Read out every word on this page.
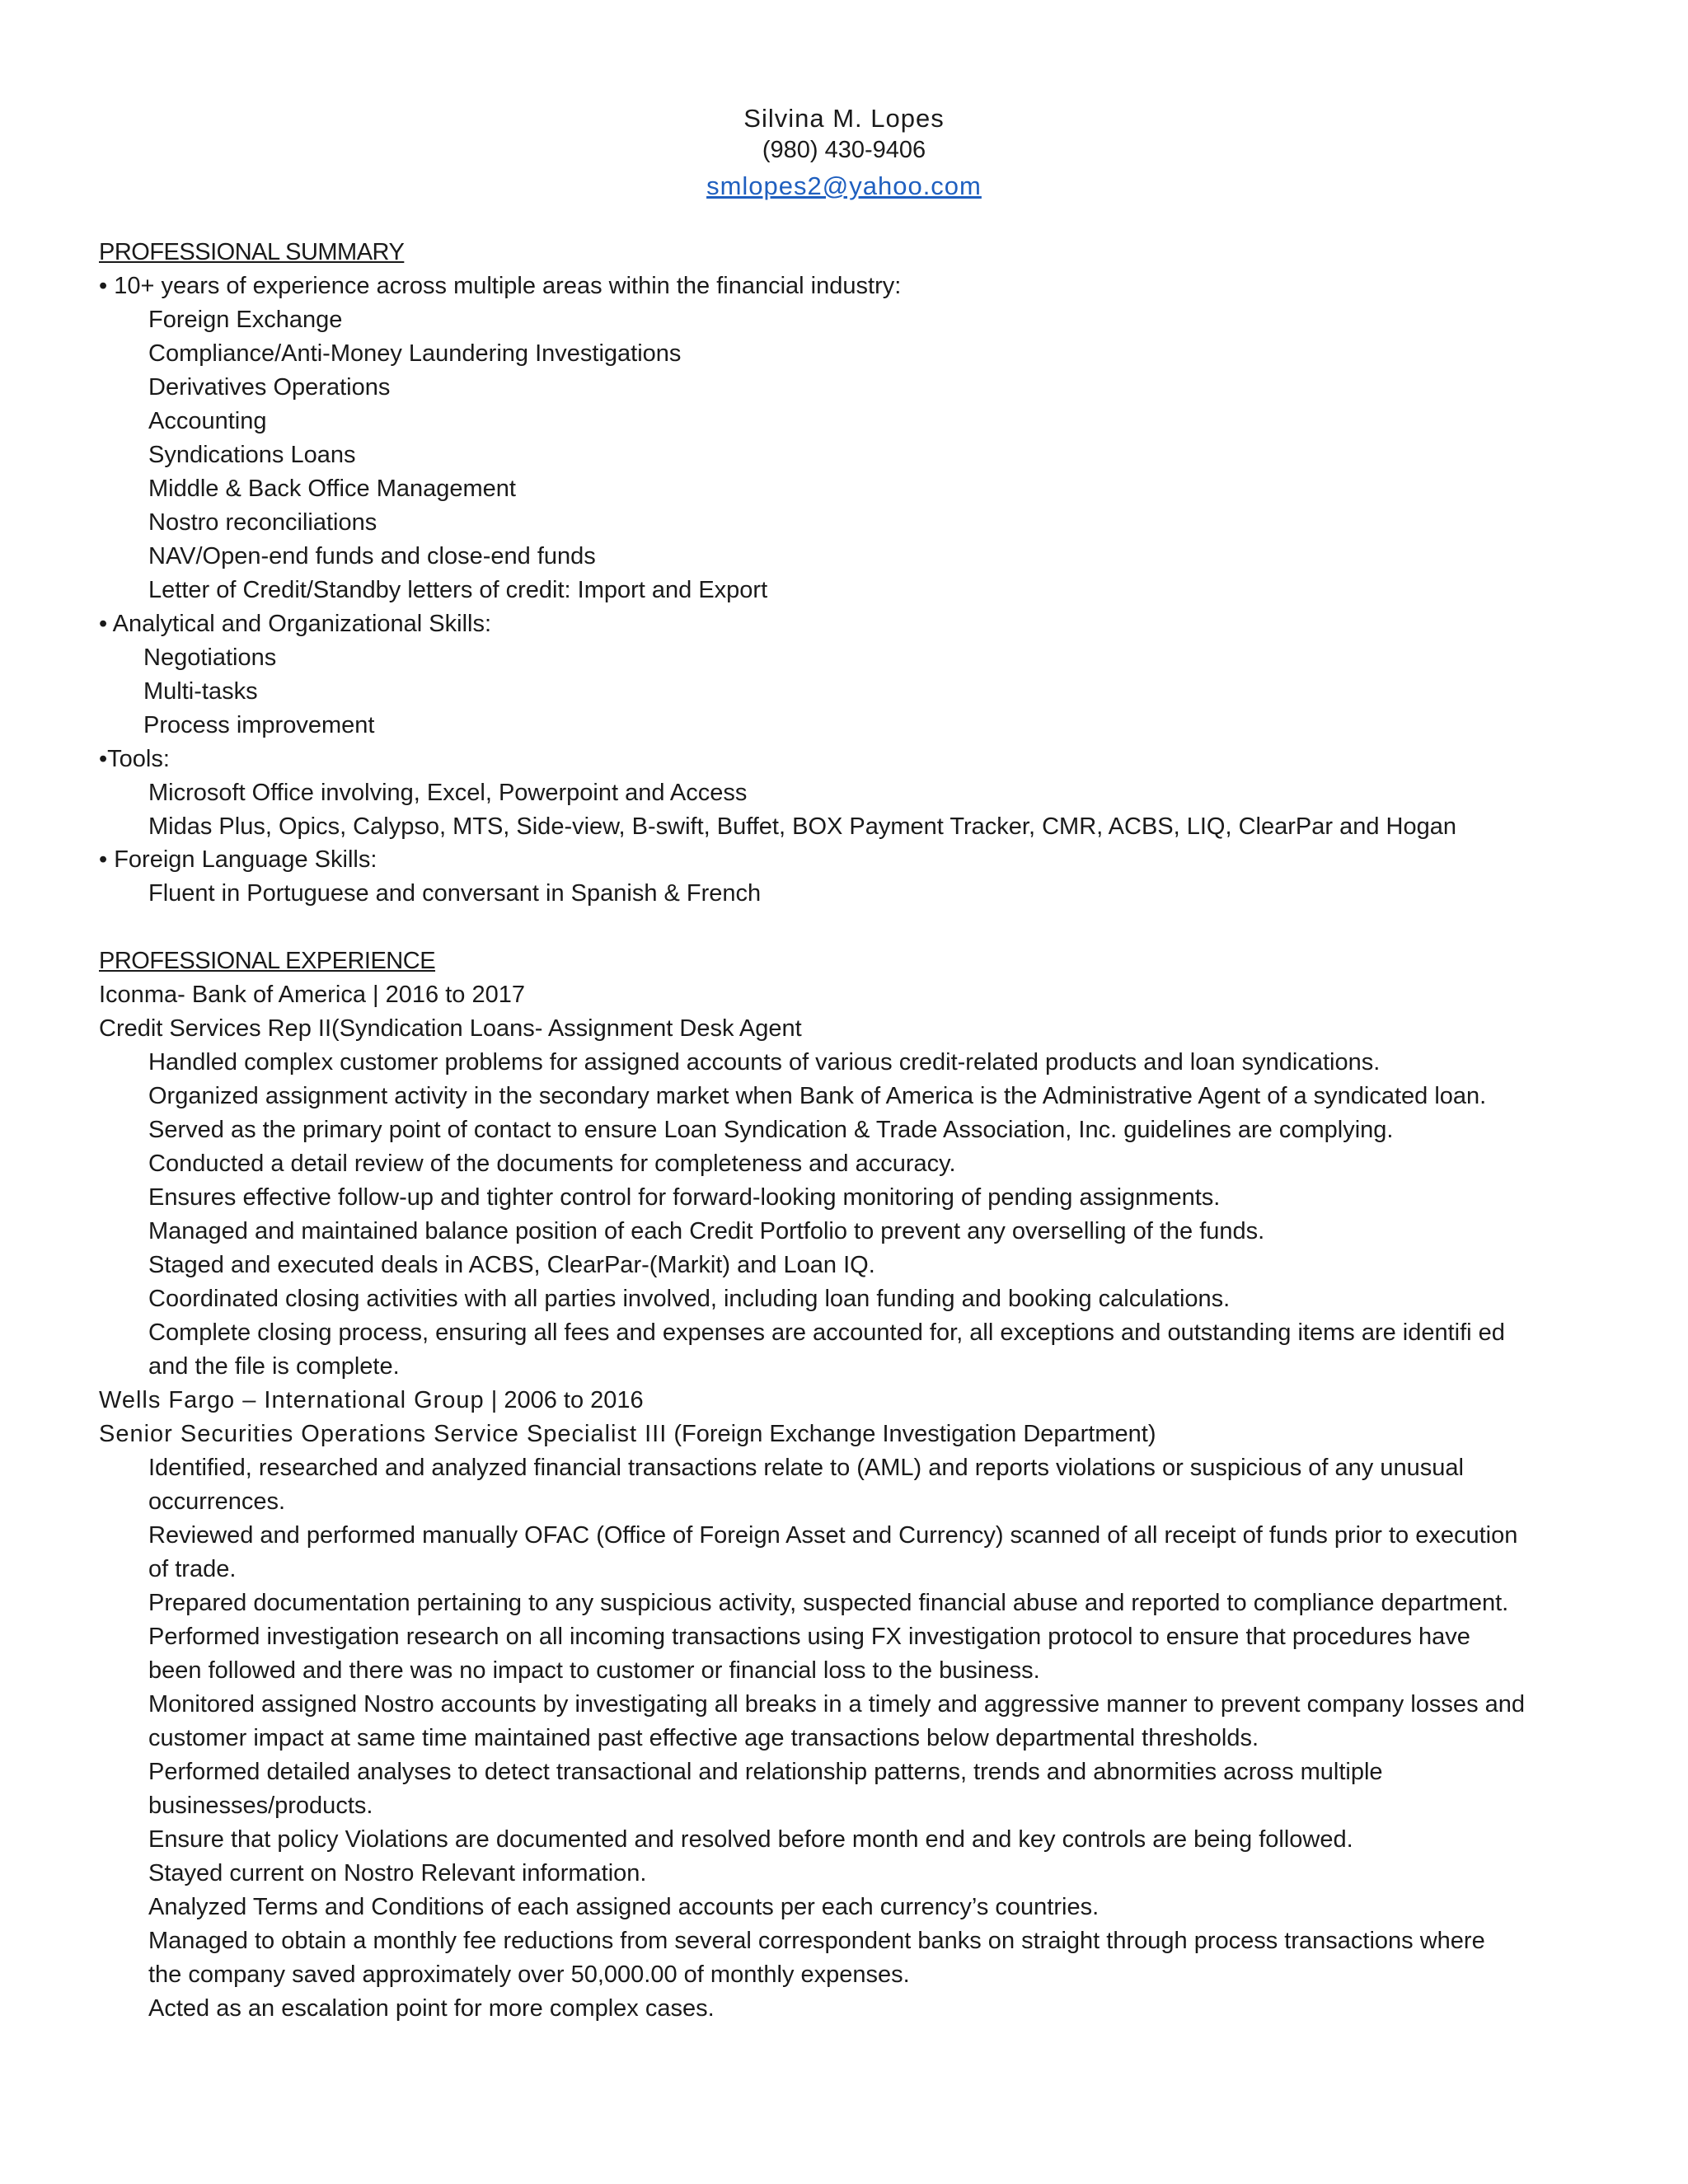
Silvina M. Lopes
(980) 430-9406
smlopes2@yahoo.com
PROFESSIONAL SUMMARY
• 10+ years of experience across multiple areas within the financial industry:
Foreign Exchange
Compliance/Anti-Money Laundering Investigations
Derivatives Operations
Accounting
Syndications Loans
Middle & Back Office Management
Nostro reconciliations
NAV/Open-end funds and close-end funds
Letter of Credit/Standby letters of credit: Import and Export
• Analytical and Organizational Skills:
Negotiations
Multi-tasks
Process improvement
•Tools:
Microsoft Office involving, Excel, Powerpoint and Access
Midas Plus, Opics, Calypso, MTS, Side-view, B-swift, Buffet, BOX Payment Tracker, CMR, ACBS, LIQ, ClearPar and Hogan
• Foreign Language Skills:
Fluent in Portuguese and conversant in Spanish & French
PROFESSIONAL EXPERIENCE
Iconma- Bank of America | 2016 to 2017
Credit Services Rep II(Syndication Loans- Assignment Desk Agent
Handled complex customer problems for assigned accounts of various credit-related products and loan syndications.
Organized assignment activity in the secondary market when Bank of America is the Administrative Agent of a syndicated loan.
Served as the primary point of contact to ensure Loan Syndication & Trade Association, Inc. guidelines are complying.
Conducted a detail review of the documents for completeness and accuracy.
Ensures effective follow-up and tighter control for forward-looking monitoring of pending assignments.
Managed and maintained balance position of each Credit Portfolio to prevent any overselling of the funds.
Staged and executed deals in ACBS, ClearPar-(Markit) and Loan IQ.
Coordinated closing activities with all parties involved, including loan funding and booking calculations.
Complete closing process, ensuring all fees and expenses are accounted for, all exceptions and outstanding items are identifi ed
and the file is complete.
Wells Fargo – International Group | 2006 to 2016
Senior Securities Operations Service Specialist III (Foreign Exchange Investigation Department)
Identified, researched and analyzed financial transactions relate to (AML) and reports violations or suspicious of any unusual
occurrences.
Reviewed and performed manually OFAC (Office of Foreign Asset and Currency) scanned of all receipt of funds prior to execution
of trade.
Prepared documentation pertaining to any suspicious activity, suspected financial abuse and reported to compliance department.
Performed investigation research on all incoming transactions using FX investigation protocol to ensure that procedures have
been followed and there was no impact to customer or financial loss to the business.
Monitored assigned Nostro accounts by investigating all breaks in a timely and aggressive manner to prevent company losses and
customer impact at same time maintained past effective age transactions below departmental thresholds.
Performed detailed analyses to detect transactional and relationship patterns, trends and abnormities across multiple
businesses/products.
Ensure that policy Violations are documented and resolved before month end and key controls are being followed.
Stayed current on Nostro Relevant information.
Analyzed Terms and Conditions of each assigned accounts per each currency’s countries.
Managed to obtain a monthly fee reductions from several correspondent banks on straight through process transactions where
the company saved approximately over 50,000.00 of monthly expenses.
Acted as an escalation point for more complex cases.
